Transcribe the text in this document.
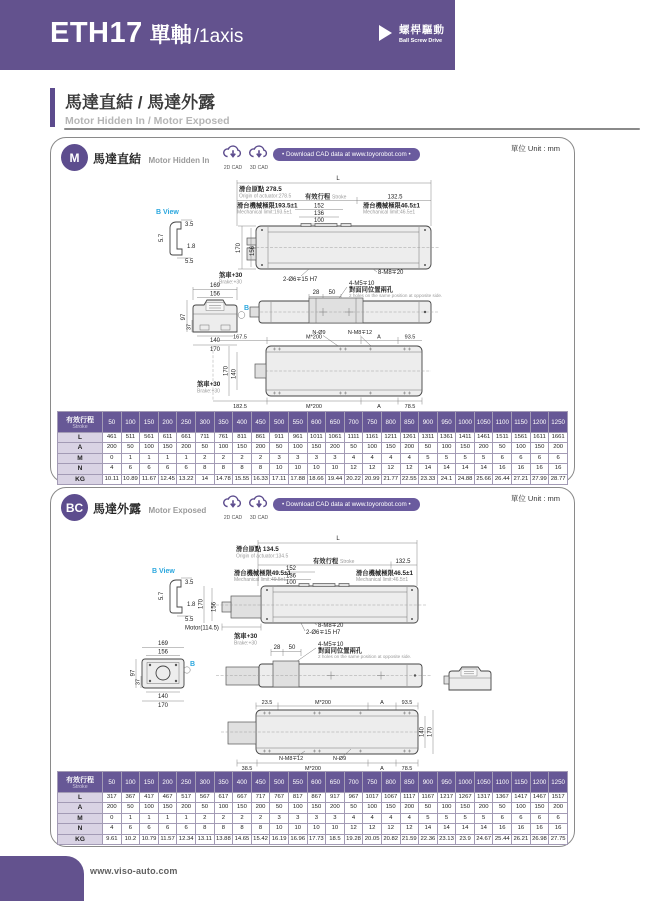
ETH17 單軸 /1axis	螺桿驅動
Ball Screw Drive
馬達直結 / 馬達外露
Motor Hidden In / Motor Exposed
M	馬達直結 Motor Hidden In
2D CAD	3D CAD
• Download CAD data at www.toyorobot.com •
單位 Unit : mm
L
滑台原點 278.5
Origin of actuator:278.5 有效行程 Stroke	132.5
滑台機械極限193.5±1
Mechanical limit:193.5±1
152
136
100
滑台機械極限46.5±1
Mechanical limit:46.5±1
B View
3.5
5.7
1.8
5.5
170 156
煞車+30
Brake:+30	2-Ø6∓15 H7
8-M8∓20
4-M5∓10
對面同位置兩孔
2 holes on the same position at opposite side.
28 50
169
156
97
37
140
170
B
N-Ø9	N-M8∓12
167.5	M*200	A	93.5
170 140
煞車+30
Brake:+30
182.5	M*200	A	78.5
有效行程
Stroke	50	100	150	200	250	300	350	400	450	500	550	600	650	700	750	800	850	900	950	1000	1050	1100	1150	1200	1250
L	461	511	561	611	661	711	761	811	861	911	961	1011	1061	1111	1161	1211	1261	1311	1361	1411	1461	1511	1561	1611	1661
A	200	50	100	150	200	50	100	150	200	50	100	150	200	50	100	150	200	50	100	150	200	50	100	150	200
M	0	1	1	1	1	2	2	2	2	3	3	3	3	4	4	4	4	5	5	5	5	6	6	6	6
N	4	6	6	6	6	8	8	8	8	10	10	10	10	12	12	12	12	14	14	14	14	16	16	16	16
KG	10.11	10.89	11.67	12.45	13.22	14	14.78	15.55	16.33	17.11	17.88	18.66	19.44	20.22	20.99	21.77	22.55	23.33	24.1	24.88	25.66	26.44	27.21	27.99	28.77
BC 馬達外露 Motor Exposed
2D CAD	3D CAD
• Download CAD data at www.toyorobot.com •
單位 Unit : mm
L
滑台原點 134.5
Origin of actuator:134.5
有效行程 Stroke	132.5
滑台機械極限49.5±1
Mechanical limit:49.5±1
152
136
100
滑台機械極限46.5±1
Mechanical limit:46.5±1
B View
3.5
5.7
1.8
5.5
170 156
Motor(114.5)
煞車+30
Brake:+30
8-M8∓20
2-Ø6∓15 H7
4-M5∓10
對面同位置兩孔
2 holes on the same position at opposite side.
28 50
169
156
97
37
140
170
B
23.5	M*200	A	93.5
140 170
N-M8∓12	N-Ø9
38.5	M*200	A	78.5
有效行程
Stroke	50	100	150	200	250	300	350	400	450	500	550	600	650	700	750	800	850	900	950	1000	1050	1100	1150	1200	1250
L	317	367	417	467	517	567	617	667	717	767	817	867	917	967	1017	1067	1117	1167	1217	1267	1317	1367	1417	1467	1517
A	200	50	100	150	200	50	100	150	200	50	100	150	200	50	100	150	200	50	100	150	200	50	100	150	200
M	0	1	1	1	1	2	2	2	2	3	3	3	3	4	4	4	4	5	5	5	5	6	6	6	6
N	4	6	6	6	6	8	8	8	8	10	10	10	10	12	12	12	12	14	14	14	14	16	16	16	16
KG	9.61	10.2	10.79	11.57	12.34	13.11	13.88	14.65	15.42	16.19	16.96	17.73	18.5	19.28	20.05	20.82	21.59	22.36	23.13	23.9	24.67	25.44	26.21	26.98	27.75
www.viso-auto.com
